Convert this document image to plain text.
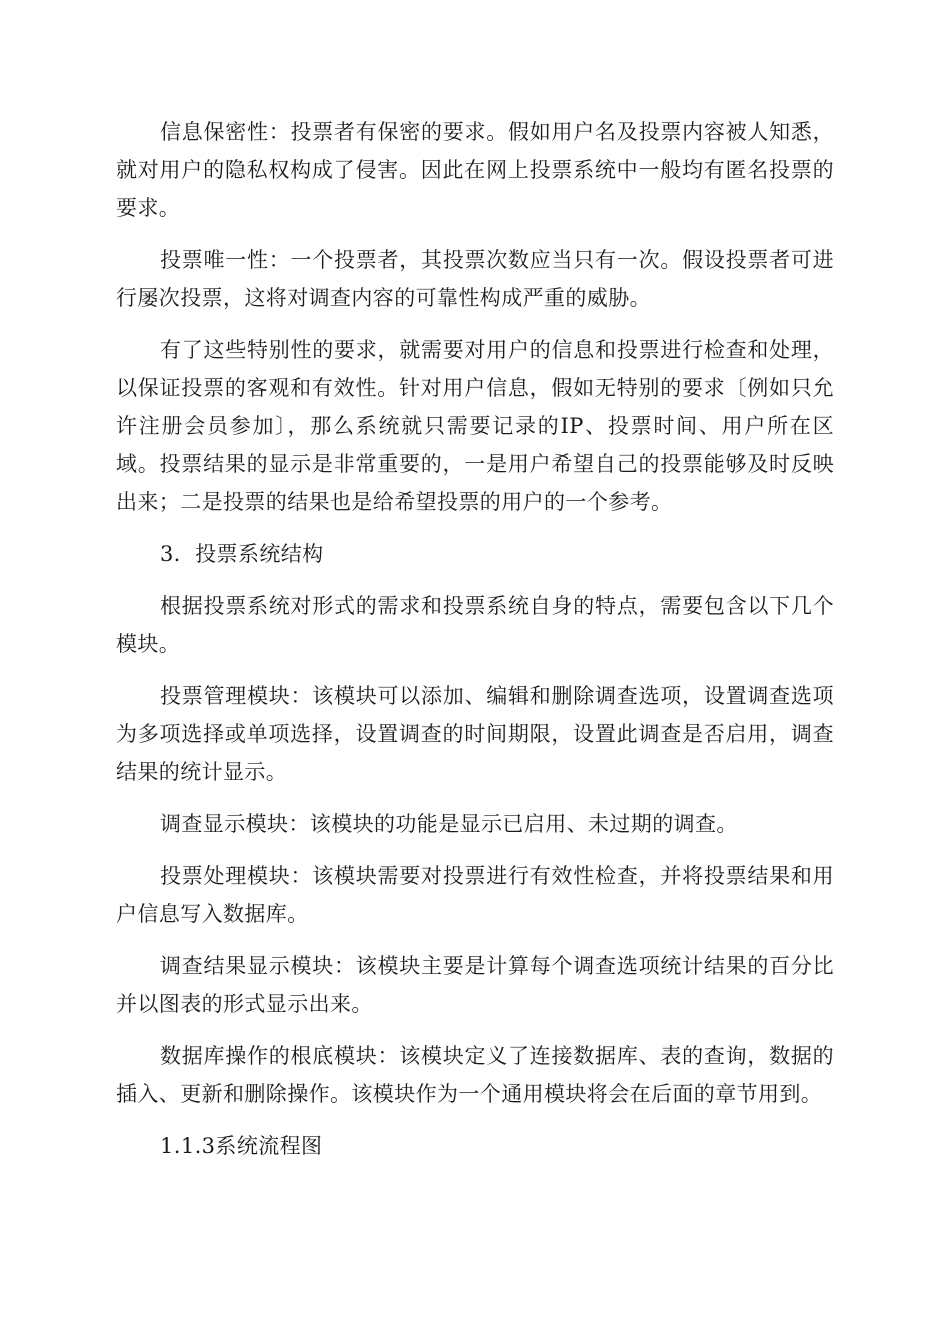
信息保密性：投票者有保密的要求。假如用户名及投票内容被人知悉，就对用户的隐私权构成了侵害。因此在网上投票系统中一般均有匿名投票的要求。

投票唯一性：一个投票者，其投票次数应当只有一次。假设投票者可进行屡次投票，这将对调查内容的可靠性构成严重的威胁。

有了这些特别性的要求，就需要对用户的信息和投票进行检查和处理，以保证投票的客观和有效性。针对用户信息，假如无特别的要求〔例如只允许注册会员参加〕，那么系统就只需要记录的IP、投票时间、用户所在区域。投票结果的显示是非常重要的，一是用户希望自己的投票能够及时反映出来；二是投票的结果也是给希望投票的用户的一个参考。

3．投票系统结构

根据投票系统对形式的需求和投票系统自身的特点，需要包含以下几个模块。

投票管理模块：该模块可以添加、编辑和删除调查选项，设置调查选项为多项选择或单项选择，设置调查的时间期限，设置此调查是否启用，调查结果的统计显示。

调查显示模块：该模块的功能是显示已启用、未过期的调查。

投票处理模块：该模块需要对投票进行有效性检查，并将投票结果和用户信息写入数据库。

调查结果显示模块：该模块主要是计算每个调查选项统计结果的百分比并以图表的形式显示出来。

数据库操作的根底模块：该模块定义了连接数据库、表的查询，数据的插入、更新和删除操作。该模块作为一个通用模块将会在后面的章节用到。

1.1.3系统流程图
